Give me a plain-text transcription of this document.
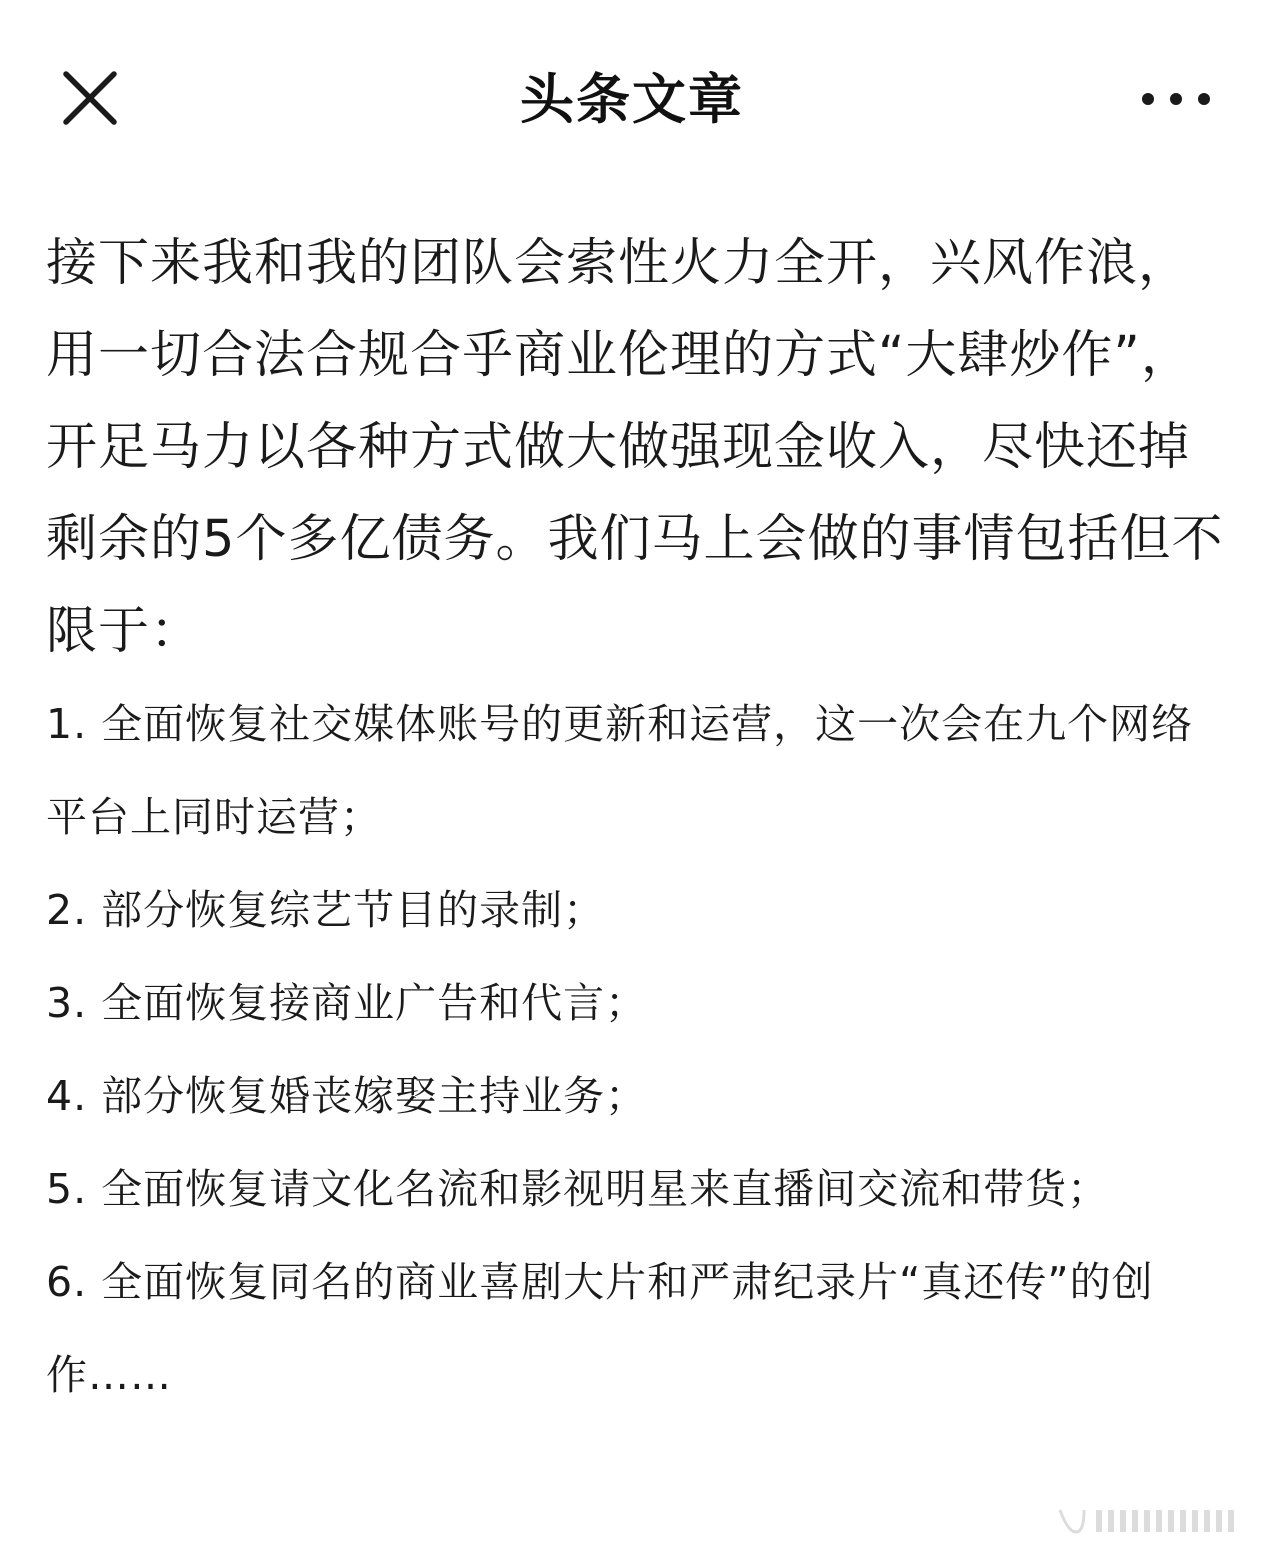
头条文章

接下来我和我的团队会索性火力全开，兴风作浪，用一切合法合规合乎商业伦理的方式“大肆炒作”，开足马力以各种方式做大做强现金收入，尽快还掉剩余的5个多亿债务。我们马上会做的事情包括但不限于：

1. 全面恢复社交媒体账号的更新和运营，这一次会在九个网络平台上同时运营；
2. 部分恢复综艺节目的录制；
3. 全面恢复接商业广告和代言；
4. 部分恢复婚丧嫁娶主持业务；
5. 全面恢复请文化名流和影视明星来直播间交流和带货；
6. 全面恢复同名的商业喜剧大片和严肃纪录片“真还传”的创作……
